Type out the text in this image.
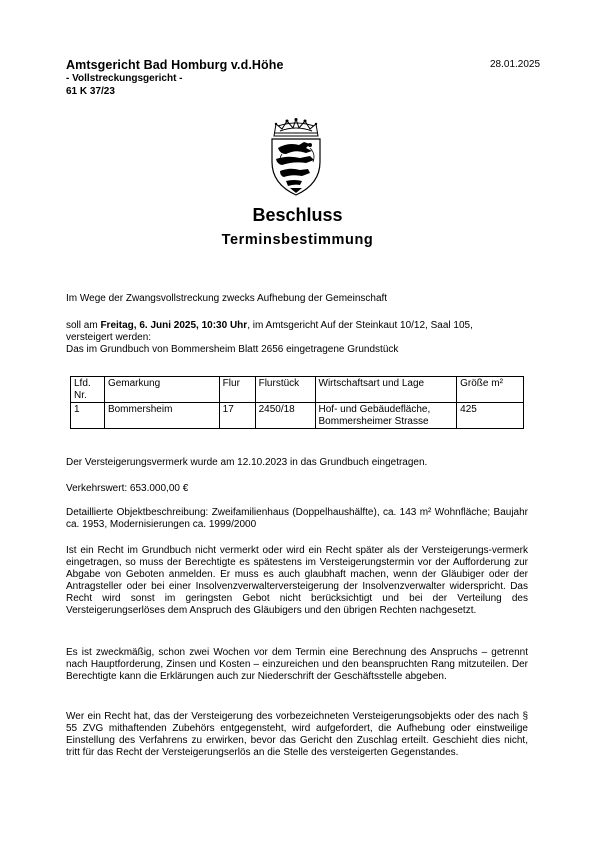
Amtsgericht Bad Homburg v.d.Höhe
- Vollstreckungsgericht -
61 K 37/23
28.01.2025
Beschluss
Terminsbestimmung
Im Wege der Zwangsvollstreckung zwecks Aufhebung der Gemeinschaft
soll am Freitag, 6. Juni 2025, 10:30 Uhr, im Amtsgericht Auf der Steinkaut 10/12, Saal 105,
versteigert werden:
Das im Grundbuch von Bommersheim Blatt 2656 eingetragene Grundstück
Lfd. Nr.	Gemarkung	Flur	Flurstück	Wirtschaftsart und Lage	Größe m²
1	Bommersheim	17	2450/18	Hof- und Gebäudefläche, Bommersheimer Strasse	425
Der Versteigerungsvermerk wurde am 12.10.2023 in das Grundbuch eingetragen.
Verkehrswert: 653.000,00 €
Detaillierte Objektbeschreibung: Zweifamilienhaus (Doppelhaushälfte), ca. 143 m² Wohnfläche; Baujahr ca. 1953, Modernisierungen ca. 1999/2000
Ist ein Recht im Grundbuch nicht vermerkt oder wird ein Recht später als der Versteigerungs-vermerk eingetragen, so muss der Berechtigte es spätestens im Versteigerungstermin vor der Aufforderung zur Abgabe von Geboten anmelden. Er muss es auch glaubhaft machen, wenn der Gläubiger oder der Antragsteller oder bei einer Insolvenzverwalterversteigerung der Insolvenzverwalter widerspricht. Das Recht wird sonst im geringsten Gebot nicht berücksichtigt und bei der Verteilung des Versteigerungserlöses dem Anspruch des Gläubigers und den übrigen Rechten nachgesetzt.
Es ist zweckmäßig, schon zwei Wochen vor dem Termin eine Berechnung des Anspruchs – getrennt nach Hauptforderung, Zinsen und Kosten – einzureichen und den beanspruchten Rang mitzuteilen. Der Berechtigte kann die Erklärungen auch zur Niederschrift der Geschäftsstelle abgeben.
Wer ein Recht hat, das der Versteigerung des vorbezeichneten Versteigerungsobjekts oder des nach § 55 ZVG mithaftenden Zubehörs entgegensteht, wird aufgefordert, die Aufhebung oder einstweilige Einstellung des Verfahrens zu erwirken, bevor das Gericht den Zuschlag erteilt. Geschieht dies nicht, tritt für das Recht der Versteigerungserlös an die Stelle des versteigerten Gegenstandes.
